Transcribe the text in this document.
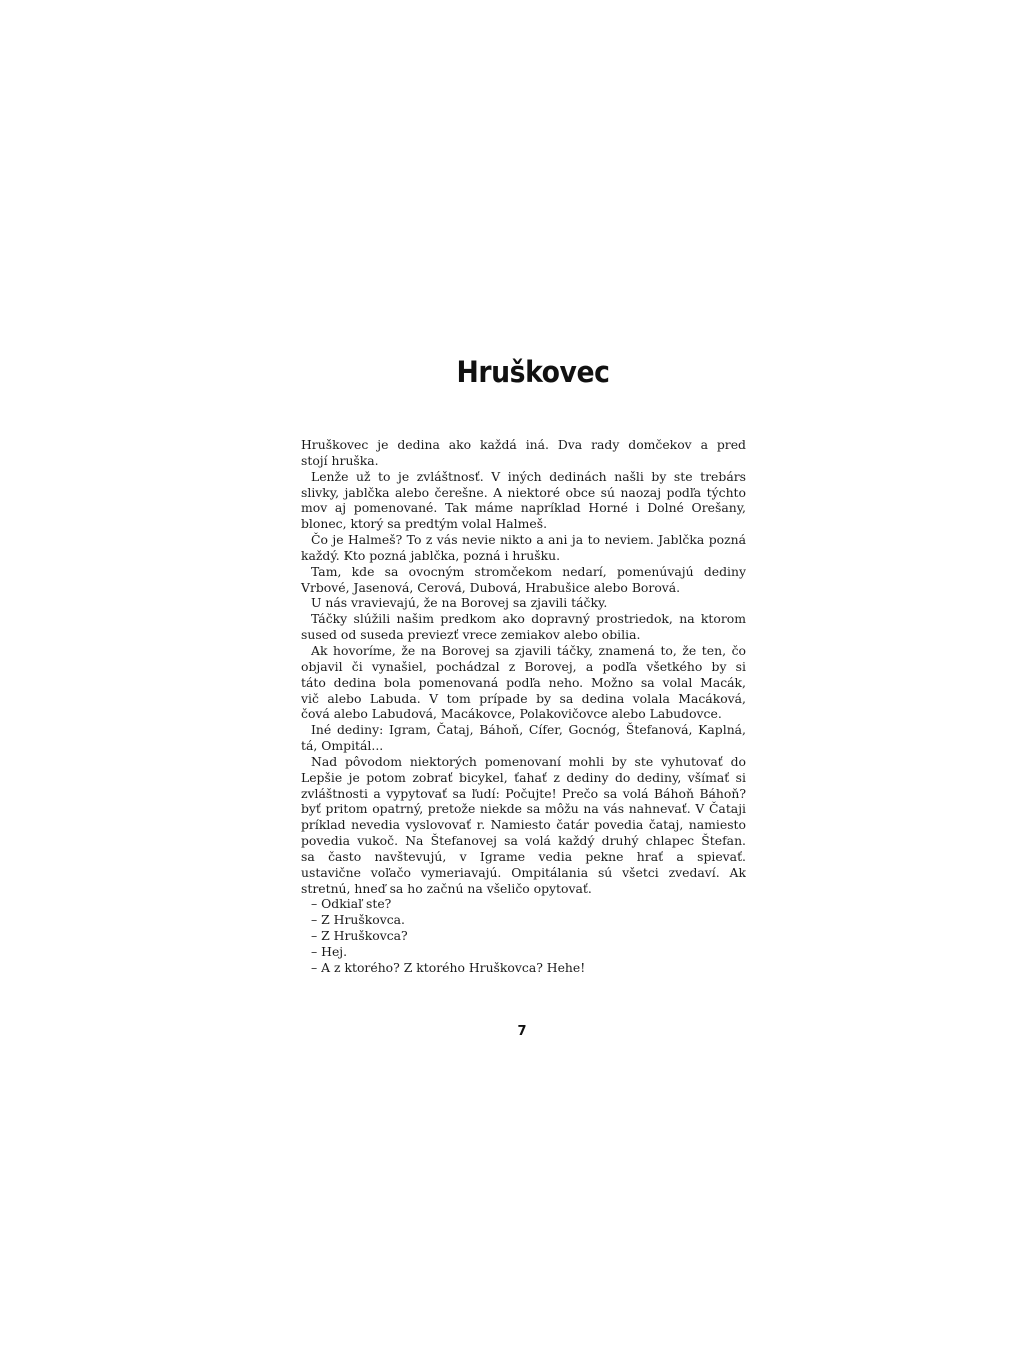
Hruškovec
Hruškovec je dedina ako každá iná. Dva rady domčekov a pred
stojí hruška.
Lenže už to je zvláštnosť. V iných dedinách našli by ste trebárs
slivky, jablčka alebo čerešne. A niektoré obce sú naozaj podľa týchto
mov aj pomenované. Tak máme napríklad Horné i Dolné Orešany,
blonec, ktorý sa predtým volal Halmeš.
Čo je Halmeš? To z vás nevie nikto a ani ja to neviem. Jablčka pozná
každý. Kto pozná jablčka, pozná i hrušku.
Tam, kde sa ovocným stromčekom nedarí, pomenúvajú dediny
Vrbové, Jasenová, Cerová, Dubová, Hrabušice alebo Borová.
U nás vravievajú, že na Borovej sa zjavili táčky.
Táčky slúžili našim predkom ako dopravný prostriedok, na ktorom
sused od suseda previezť vrece zemiakov alebo obilia.
Ak hovoríme, že na Borovej sa zjavili táčky, znamená to, že ten, čo
objavil či vynašiel, pochádzal z Borovej, a podľa všetkého by si
táto dedina bola pomenovaná podľa neho. Možno sa volal Macák,
vič alebo Labuda. V tom prípade by sa dedina volala Macáková,
čová alebo Labudová, Macákovce, Polakovičovce alebo Labudovce.
Iné dediny: Igram, Čataj, Báhoň, Cífer, Gocnóg, Štefanová, Kaplná,
tá, Ompitál...
Nad pôvodom niektorých pomenovaní mohli by ste vyhutovať do
Lepšie je potom zobrať bicykel, ťahať z dediny do dediny, všímať si
zvláštnosti a vypytovať sa ľudí: Počujte! Prečo sa volá Báhoň Báhoň?
byť pritom opatrný, pretože niekde sa môžu na vás nahnevať. V Čataji
príklad nevedia vyslovovať r. Namiesto čatár povedia čataj, namiesto
povedia vukoč. Na Štefanovej sa volá každý druhý chlapec Štefan.
sa často navštevujú, v Igrame vedia pekne hrať a spievať.
ustavične voľačo vymeriavajú. Ompitálania sú všetci zvedaví. Ak
stretnú, hneď sa ho začnú na všeličo opytovať.
– Odkiaľ ste?
– Z Hruškovca.
– Z Hruškovca?
– Hej.
– A z ktorého? Z ktorého Hruškovca? Hehe!
7
